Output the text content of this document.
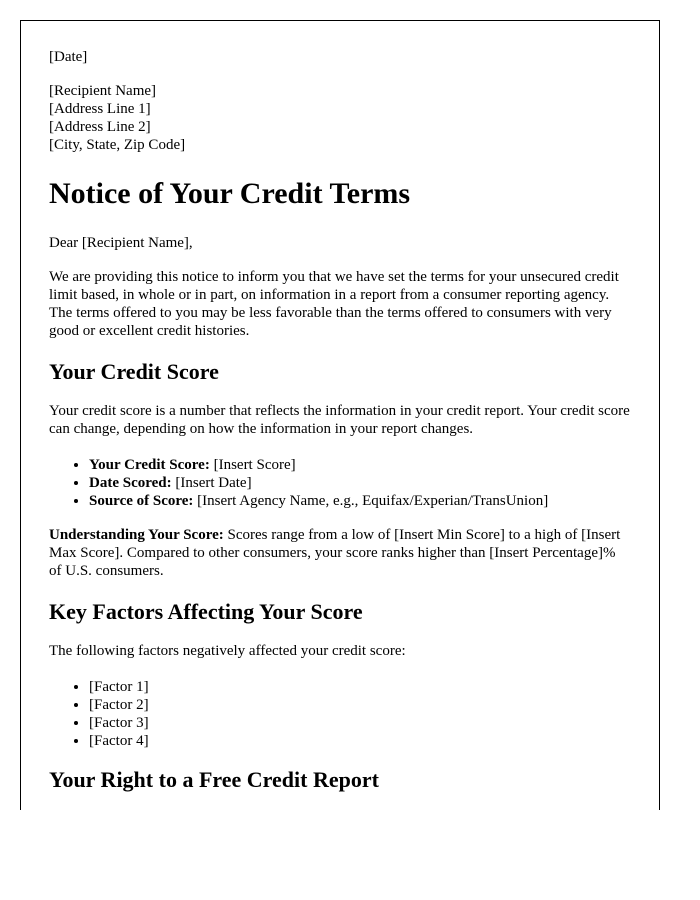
[Date]

[Recipient Name]

[Address Line 1]

[Address Line 2]

[City, State, Zip Code]

Notice of Your Credit Terms

Dear [Recipient Name],

We are providing this notice to inform you that we have set the terms for your unsecured credit limit based, in whole or in part, on information in a report from a consumer reporting agency. The terms offered to you may be less favorable than the terms offered to consumers with very good or excellent credit histories.

Your Credit Score

Your credit score is a number that reflects the information in your credit report. Your credit score can change, depending on how the information in your report changes.

• Your Credit Score: [Insert Score]
• Date Scored: [Insert Date]
• Source of Score: [Insert Agency Name, e.g., Equifax/Experian/TransUnion]

Understanding Your Score: Scores range from a low of [Insert Min Score] to a high of [Insert Max Score]. Compared to other consumers, your score ranks higher than [Insert Percentage]% of U.S. consumers.

Key Factors Affecting Your Score

The following factors negatively affected your credit score:

• [Factor 1]
• [Factor 2]
• [Factor 3]
• [Factor 4]
Your Right to a Free Credit Report
